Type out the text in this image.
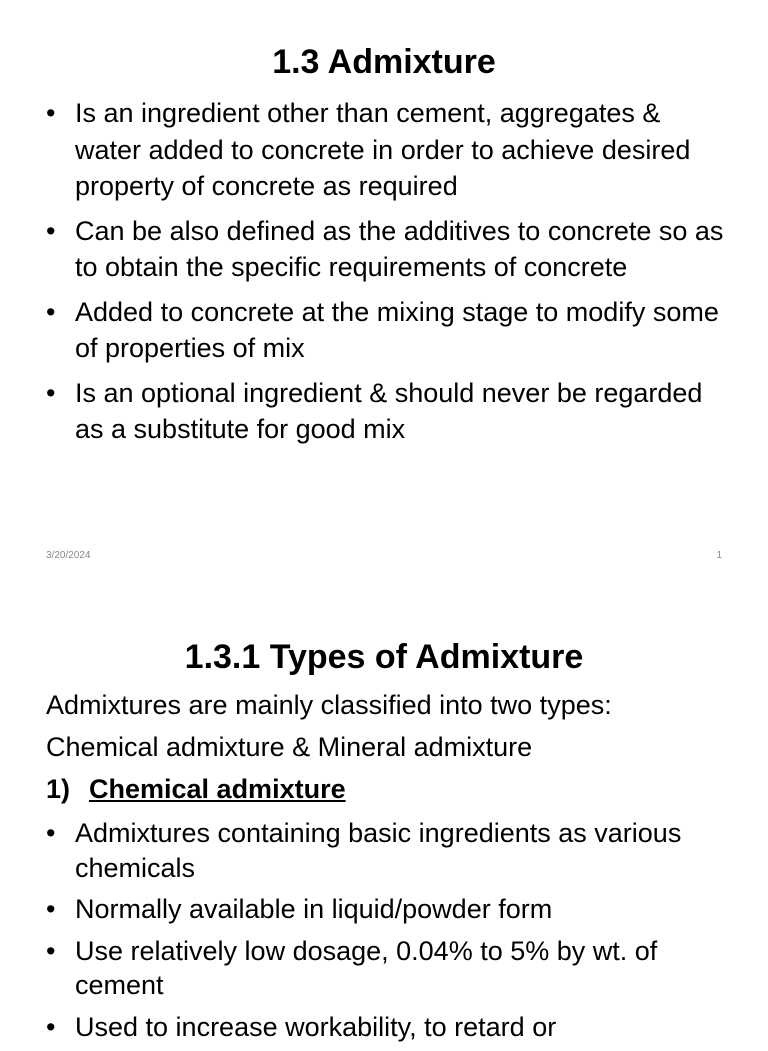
1.3 Admixture
• Is an ingredient other than cement, aggregates & water added to concrete in order to achieve desired property of concrete as required
• Can be also defined as the additives to concrete so as to obtain the specific requirements of concrete
• Added to concrete at the mixing stage to modify some of properties of mix
• Is an optional ingredient & should never be regarded as a substitute for good mix
3/20/2024	1
1.3.1 Types of Admixture

Admixtures are mainly classified into two types:

Chemical admixture & Mineral admixture

1) Chemical admixture

• Admixtures containing basic ingredients as various chemicals
• Normally available in liquid/powder form
• Use relatively low dosage, 0.04% to 5% by wt. of cement
• Used to increase workability, to retard or
